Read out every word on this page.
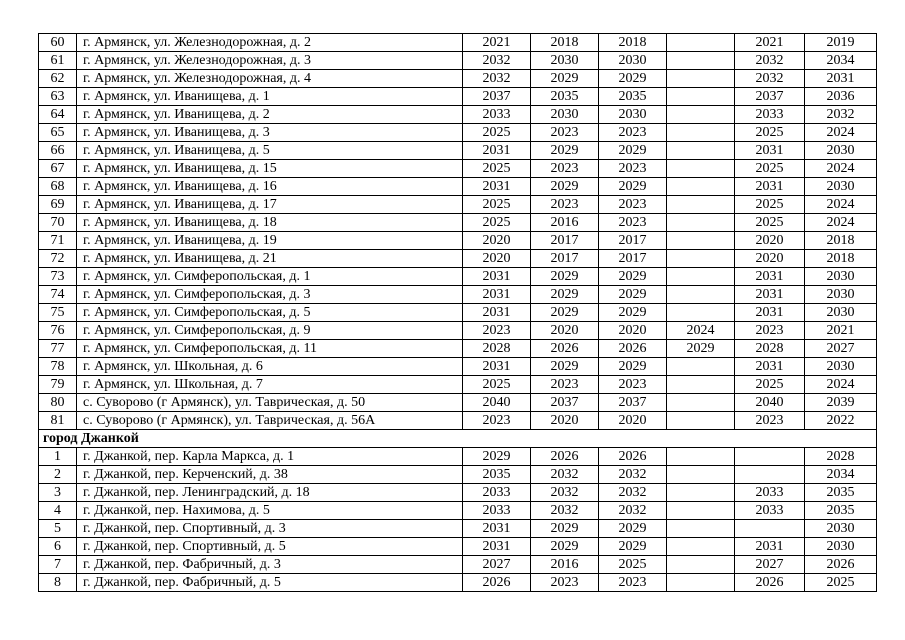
60	г. Армянск, ул. Железнодорожная, д. 2	2021	2018	2018		2021	2019
61	г. Армянск, ул. Железнодорожная, д. 3	2032	2030	2030		2032	2034
62	г. Армянск, ул. Железнодорожная, д. 4	2032	2029	2029		2032	2031
63	г. Армянск, ул. Иванищева, д. 1	2037	2035	2035		2037	2036
64	г. Армянск, ул. Иванищева, д. 2	2033	2030	2030		2033	2032
65	г. Армянск, ул. Иванищева, д. 3	2025	2023	2023		2025	2024
66	г. Армянск, ул. Иванищева, д. 5	2031	2029	2029		2031	2030
67	г. Армянск, ул. Иванищева, д. 15	2025	2023	2023		2025	2024
68	г. Армянск, ул. Иванищева, д. 16	2031	2029	2029		2031	2030
69	г. Армянск, ул. Иванищева, д. 17	2025	2023	2023		2025	2024
70	г. Армянск, ул. Иванищева, д. 18	2025	2016	2023		2025	2024
71	г. Армянск, ул. Иванищева, д. 19	2020	2017	2017		2020	2018
72	г. Армянск, ул. Иванищева, д. 21	2020	2017	2017		2020	2018
73	г. Армянск, ул. Симферопольская, д. 1	2031	2029	2029		2031	2030
74	г. Армянск, ул. Симферопольская, д. 3	2031	2029	2029		2031	2030
75	г. Армянск, ул. Симферопольская, д. 5	2031	2029	2029		2031	2030
76	г. Армянск, ул. Симферопольская, д. 9	2023	2020	2020	2024	2023	2021
77	г. Армянск, ул. Симферопольская, д. 11	2028	2026	2026	2029	2028	2027
78	г. Армянск, ул. Школьная, д. 6	2031	2029	2029		2031	2030
79	г. Армянск, ул. Школьная, д. 7	2025	2023	2023		2025	2024
80	с. Суворово (г Армянск), ул. Таврическая, д. 50	2040	2037	2037		2040	2039
81	с. Суворово (г Армянск), ул. Таврическая, д. 56А	2023	2020	2020		2023	2022
город Джанкой							
1	г. Джанкой, пер. Карла Маркса, д. 1	2029	2026	2026			2028
2	г. Джанкой, пер. Керченский, д. 38	2035	2032	2032			2034
3	г. Джанкой, пер. Ленинградский, д. 18	2033	2032	2032		2033	2035
4	г. Джанкой, пер. Нахимова, д. 5	2033	2032	2032		2033	2035
5	г. Джанкой, пер. Спортивный, д. 3	2031	2029	2029			2030
6	г. Джанкой, пер. Спортивный, д. 5	2031	2029	2029		2031	2030
7	г. Джанкой, пер. Фабричный, д. 3	2027	2016	2025		2027	2026
8	г. Джанкой, пер. Фабричный, д. 5	2026	2023	2023		2026	2025
